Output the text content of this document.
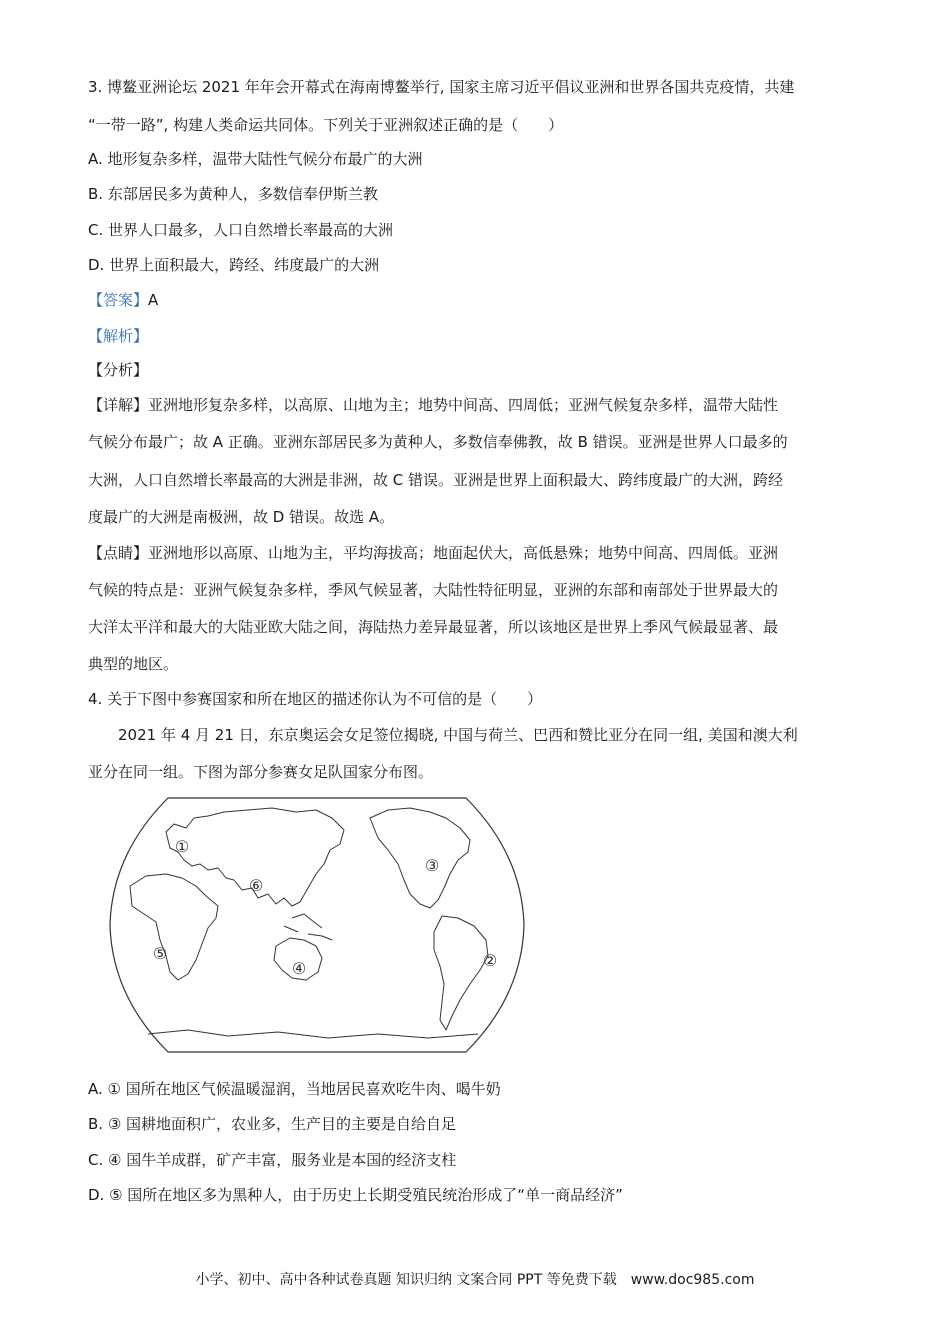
3. 博鳌亚洲论坛 2021 年年会开幕式在海南博鳌举行, 国家主席习近平倡议亚洲和世界各国共克疫情，共建
“一带一路”, 构建人类命运共同体。下列关于亚洲叙述正确的是（　　）
A. 地形复杂多样，温带大陆性气候分布最广的大洲
B. 东部居民多为黄种人，多数信奉伊斯兰教
C. 世界人口最多，人口自然增长率最高的大洲
D. 世界上面积最大，跨经、纬度最广的大洲
【答案】A
【解析】
【分析】
【详解】亚洲地形复杂多样，以高原、山地为主；地势中间高、四周低；亚洲气候复杂多样，温带大陆性
气候分布最广；故 A 正确。亚洲东部居民多为黄种人，多数信奉佛教，故 B 错误。亚洲是世界人口最多的
大洲，人口自然增长率最高的大洲是非洲，故 C 错误。亚洲是世界上面积最大、跨纬度最广的大洲，跨经
度最广的大洲是南极洲，故 D 错误。故选 A。
【点睛】亚洲地形以高原、山地为主，平均海拔高；地面起伏大，高低悬殊；地势中间高、四周低。亚洲
气候的特点是：亚洲气候复杂多样，季风气候显著，大陆性特征明显，亚洲的东部和南部处于世界最大的
大洋太平洋和最大的大陆亚欧大陆之间，海陆热力差异最显著，所以该地区是世界上季风气候最显著、最
典型的地区。
4. 关于下图中参赛国家和所在地区的描述你认为不可信的是（　　）
2021 年 4 月 21 日，东京奥运会女足签位揭晓, 中国与荷兰、巴西和赞比亚分在同一组, 美国和澳大利
亚分在同一组。下图为部分参赛女足队国家分布图。
①
②
③
④
⑤
⑥
A. ① 国所在地区气候温暖湿润，当地居民喜欢吃牛肉、喝牛奶
B. ③ 国耕地面积广，农业多，生产目的主要是自给自足
C. ④ 国牛羊成群，矿产丰富，服务业是本国的经济支柱
D. ⑤ 国所在地区多为黑种人，由于历史上长期受殖民统治形成了“单一商品经济”
小学、初中、高中各种试卷真题 知识归纳 文案合同 PPT 等免费下载　www.doc985.com
